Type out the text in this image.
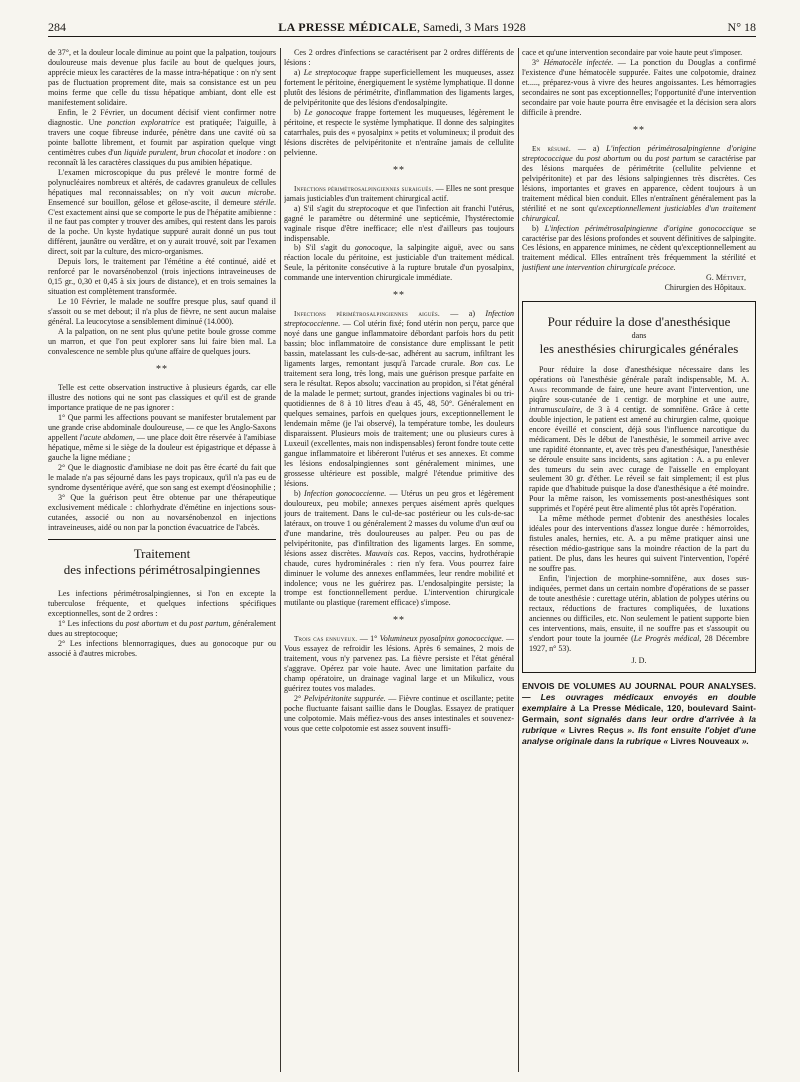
284	LA PRESSE MÉDICALE, Samedi, 3 Mars 1928	N° 18

de 37°, et la douleur locale diminue au point que la palpation, toujours douloureuse mais devenue plus facile au bout de quelques jours, apprécie mieux les caractères de la masse intra-hépatique : on n'y sent pas de fluctuation proprement dite, mais sa consistance est un peu moins ferme que celle du tissu hépatique ambiant, dont elle est manifestement solidaire.

Enfin, le 2 Février, un document décisif vient confirmer notre diagnostic. Une ponction exploratrice est pratiquée; l'aiguille, à travers une coque fibreuse indurée, pénètre dans une cavité où sa pointe ballotte librement, et fournit par aspiration quelque vingt centimètres cubes d'un liquide purulent, brun chocolat et inodore : on reconnaît là les caractères classiques du pus amibien hépatique.

L'examen microscopique du pus prélevé le montre formé de polynucléaires nombreux et altérés, de cadavres granuleux de cellules hépatiques mal reconnaissables; on n'y voit aucun microbe. Ensemencé sur bouillon, gélose et gélose-ascite, il demeure stérile. C'est exactement ainsi que se comporte le pus de l'hépatite amibienne : il ne faut pas compter y trouver des amibes, qui restent dans les parois de la poche. Un kyste hydatique suppuré aurait donné un pus tout différent, jaunâtre ou verdâtre, et on y aurait trouvé, soit par l'examen direct, soit par la culture, des micro-organismes.

Depuis lors, le traitement par l'émétine a été continué, aidé et renforcé par le novarsénobenzol (trois injections intraveineuses de 0,15 gr., 0,30 et 0,45 à six jours de distance), et en trois semaines la situation est complètement transformée.

Le 10 Février, le malade ne souffre presque plus, sauf quand il s'assoit ou se met debout; il n'a plus de fièvre, ne sent aucun malaise général. La leucocytose a sensiblement diminué (14.000).

A la palpation, on ne sent plus qu'une petite boule grosse comme un marron, et que l'on peut explorer sans lui faire bien mal. La convalescence ne semble plus qu'une affaire de quelques jours.

**

Telle est cette observation instructive à plusieurs égards, car elle illustre des notions qui ne sont pas classiques et qu'il est de grande importance pratique de ne pas ignorer :

1° Que parmi les affections pouvant se manifester brutalement par une grande crise abdominale douloureuse, — ce que les Anglo-Saxons appellent l'acute abdomen, — une place doit être réservée à l'amibiase hépatique, même si le siège de la douleur est épigastrique et dépasse à gauche la ligne médiane ;

2° Que le diagnostic d'amibiase ne doit pas être écarté du fait que le malade n'a pas séjourné dans les pays tropicaux, qu'il n'a pas eu de syndrome dysentérique avéré, que son sang est exempt d'éosinophilie ;

3° Que la guérison peut être obtenue par une thérapeutique exclusivement médicale : chlorhydrate d'émétine en injections sous-cutanées, associé ou non au novarsénobenzol en injections intraveineuses, aidé ou non par la ponction évacuatrice de l'abcès.

Traitement
des infections périmétrosalpingiennes

Les infections périmétrosalpingiennes, si l'on en excepte la tuberculose fréquente, et quelques infections spécifiques exceptionnelles, sont de 2 ordres :

1° Les infections du post abortum et du post partum, généralement dues au streptocoque;

2° Les infections blennorragiques, dues au gonocoque pur ou associé à d'autres microbes.

Ces 2 ordres d'infections se caractérisent par 2 ordres différents de lésions :

a) Le streptocoque frappe superficiellement les muqueuses, assez fortement le péritoine, énergiquement le système lymphatique. Il donne plutôt des lésions de périmétrite, d'inflammation des ligaments larges, de pelvipéritonite que des lésions d'endosalpingite.

b) Le gonocoque frappe fortement les muqueuses, légèrement le péritoine, et respecte le système lymphatique. Il donne des salpingites catarrhales, puis des « pyosalpinx » petits et volumineux; il produit des lésions discrètes de pelvipéritonite et n'entraîne jamais de cellulite pelvienne.

**

Infections périmétrosalpingiennes suraiguës. — Elles ne sont presque jamais justiciables d'un traitement chirurgical actif.

a) S'il s'agit du streptocoque et que l'infection ait franchi l'utérus, gagné le paramètre ou déterminé une septicémie, l'hystérectomie vaginale risque d'être inefficace; elle n'est d'ailleurs pas toujours indispensable.

b) S'il s'agit du gonocoque, la salpingite aiguë, avec ou sans réaction locale du péritoine, est justiciable d'un traitement médical. Seule, la péritonite consécutive à la rupture brutale d'un pyosalpinx, commande une intervention chirurgicale immédiate.

**

Infections périmétrosalpingiennes aiguës. — a) Infection streptococcienne. — Col utérin fixé; fond utérin non perçu, parce que noyé dans une gangue inflammatoire débordant parfois hors du petit bassin; bloc inflammatoire de consistance dure emplissant le petit bassin, matelassant les culs-de-sac, adhérent au sacrum, infiltrant les ligaments larges, remontant jusqu'à l'arcade crurale. Bon cas. Le traitement sera long, très long, mais une guérison presque parfaite en sera le résultat. Repos absolu; vaccination au propidon, si l'état général de la malade le permet; surtout, grandes injections vaginales bi ou tri-quotidiennes de 8 à 10 litres d'eau à 45, 48, 50°. Généralement en quelques semaines, parfois en quelques jours, exceptionnellement le lendemain même (je l'ai observé), la température tombe, les douleurs disparaissent. Plusieurs mois de traitement; une ou plusieurs cures à Luxeuil (excellentes, mais non indispensables) feront fondre toute cette gangue inflammatoire et libéreront l'utérus et ses annexes. Et comme les lésions endosalpingiennes sont généralement minimes, une grossesse ultérieure est possible, malgré l'étendue primitive des lésions.

b) Infection gonococcienne. — Utérus un peu gros et légèrement douloureux, peu mobile; annexes perçues aisément après quelques jours de traitement. Dans le cul-de-sac postérieur ou les culs-de-sac latéraux, on trouve 1 ou généralement 2 masses du volume d'un œuf ou d'une mandarine, très douloureuses au palper. Peu ou pas de pelvipéritonite, pas d'infiltration des ligaments larges. En somme, lésions assez discrètes. Mauvais cas. Repos, vaccins, hydrothérapie chaude, cures hydrominérales : rien n'y fera. Vous pourrez faire diminuer le volume des annexes enflammées, leur rendre mobilité et indolence; vous ne les guérirez pas. L'endosalpingite persiste; la trompe est fonctionnellement perdue. L'intervention chirurgicale mutilante ou plastique (rarement efficace) s'impose.

**

Trois cas ennuyeux. — 1° Volumineux pyosalpinx gonococcique. — Vous essayez de refroidir les lésions. Après 6 semaines, 2 mois de traitement, vous n'y parvenez pas. La fièvre persiste et l'état général s'aggrave. Opérez par voie haute. Avec une limitation parfaite du champ opératoire, un drainage vaginal large et un Mikulicz, vous guérirez toutes vos malades.

2° Pelvipéritonite suppurée. — Fièvre continue et oscillante; petite poche fluctuante faisant saillie dans le Douglas. Essayez de pratiquer une colpotomie. Mais méfiez-vous des anses intestinales et souvenez-vous que cette colpotomie est assez souvent insuffi-

cace et qu'une intervention secondaire par voie haute peut s'imposer.

3° Hématocèle infectée. — La ponction du Douglas a confirmé l'existence d'une hématocèle suppurée. Faites une colpotomie, drainez et....., préparez-vous à vivre des heures angoissantes. Les hémorragies secondaires ne sont pas exceptionnelles; l'opportunité d'une intervention secondaire par voie haute pourra être envisagée et la décision sera alors difficile à prendre.

**

En résumé. — a) L'infection périmétrosalpingienne d'origine streptococcique du post abortum ou du post partum se caractérise par des lésions marquées de périmétrite (cellulite pelvienne et pelvipéritonite) et par des lésions salpingiennes très discrètes. Ces lésions, importantes et graves en apparence, cèdent toujours à un traitement médical bien conduit. Elles n'entraînent généralement pas la stérilité et ne sont qu'exceptionnellement justiciables d'un traitement chirurgical.

b) L'infection périmétrosalpingienne d'origine gonococcique se caractérise par des lésions profondes et souvent définitives de salpingite. Ces lésions, en apparence minimes, ne cèdent qu'exceptionnellement au traitement médical. Elles entraînent très fréquemment la stérilité et justifient une intervention chirurgicale précoce.

G. Métivet,
Chirurgien des Hôpitaux.
Pour réduire la dose d'anesthésique
dans
les anesthésies chirurgicales générales

Pour réduire la dose d'anesthésique nécessaire dans les opérations où l'anesthésie générale paraît indispensable, M. A. Aimes recommande de faire, une heure avant l'intervention, une piqûre sous-cutanée de 1 centigr. de morphine et une autre, intramusculaire, de 3 à 4 centigr. de somnifène. Grâce à cette double injection, le patient est amené au chirurgien calme, quoique encore éveillé et conscient, déjà sous l'influence narcotique du médicament. Dès le début de l'anesthésie, le sommeil arrive avec une rapidité étonnante, et, avec très peu d'anesthésique, l'anesthésie se déroule ensuite sans incidents, sans agitation : A. a pu enlever des tumeurs du sein avec curage de l'aisselle en employant seulement 30 gr. d'éther. Le réveil se fait simplement; il est plus rapide que d'habitude puisque la dose d'anesthésique a été moindre. Pour la même raison, les vomissements post-anesthésiques sont supprimés et l'opéré peut être alimenté plus tôt après l'opération.

La même méthode permet d'obtenir des anesthésies locales idéales pour des interventions d'assez longue durée : hémorroïdes, fistules anales, hernies, etc. A. a pu même pratiquer ainsi une résection médio-gastrique sans la moindre réaction de la part du patient. De plus, dans les heures qui suivent l'intervention, l'opéré ne souffre pas.

Enfin, l'injection de morphine-somnifène, aux doses sus-indiquées, permet dans un certain nombre d'opérations de se passer de toute anesthésie : curettage utérin, ablation de polypes utérins ou rectaux, réductions de fractures compliquées, de luxations anciennes ou difficiles, etc. Non seulement le patient supporte bien ces interventions, mais, ensuite, il ne souffre pas et s'assoupit ou s'endort pour toute la journée (Le Progrès médical, 28 Décembre 1927, n° 53).

J. D.
ENVOIS DE VOLUMES AU JOURNAL POUR ANALYSES. — Les ouvrages médicaux envoyés en double exemplaire à La Presse Médicale, 120, boulevard Saint-Germain, sont signalés dans leur ordre d'arrivée à la rubrique « Livres Reçus ». Ils font ensuite l'objet d'une analyse originale dans la rubrique « Livres Nouveaux ».
